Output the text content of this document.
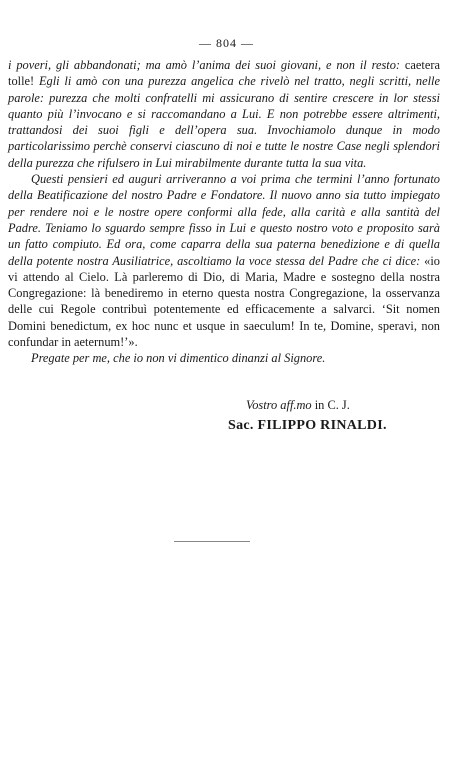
— 804 —

i poveri, gli abbandonati; ma amò l’anima dei suoi giovani, e non il resto: caetera tolle! Egli li amò con una purezza angelica che rivelò nel tratto, negli scritti, nelle parole: purezza che molti confratelli mi assicurano di sentire crescere in lor stessi quanto più l’invocano e si raccomandano a Lui. E non potrebbe essere altrimenti, trattandosi dei suoi figli e dell’opera sua. Invochiamolo dunque in modo particolarissimo perchè conservi ciascuno di noi e tutte le nostre Case negli splendori della purezza che rifulsero in Lui mirabilmente durante tutta la sua vita.

Questi pensieri ed auguri arriveranno a voi prima che termini l’anno fortunato della Beatificazione del nostro Padre e Fondatore. Il nuovo anno sia tutto impiegato per rendere noi e le nostre opere conformi alla fede, alla carità e alla santità del Padre. Teniamo lo sguardo sempre fisso in Lui e questo nostro voto e proposito sarà un fatto compiuto. Ed ora, come caparra della sua paterna benedizione e di quella della potente nostra Ausiliatrice, ascoltiamo la voce stessa del Padre che ci dice: «io vi attendo al Cielo. Là parleremo di Dio, di Maria, Madre e sostegno della nostra Congregazione: là benediremo in eterno questa nostra Congregazione, la osservanza delle cui Regole contribuì potentemente ed efficacemente a salvarci. ‘Sit nomen Domini benedictum, ex hoc nunc et usque in saeculum! In te, Domine, speravi, non confundar in aeternum!’».

Pregate per me, che io non vi dimentico dinanzi al Signore.

Vostro aff.mo in C. J.
Sac. FILIPPO RINALDI.
